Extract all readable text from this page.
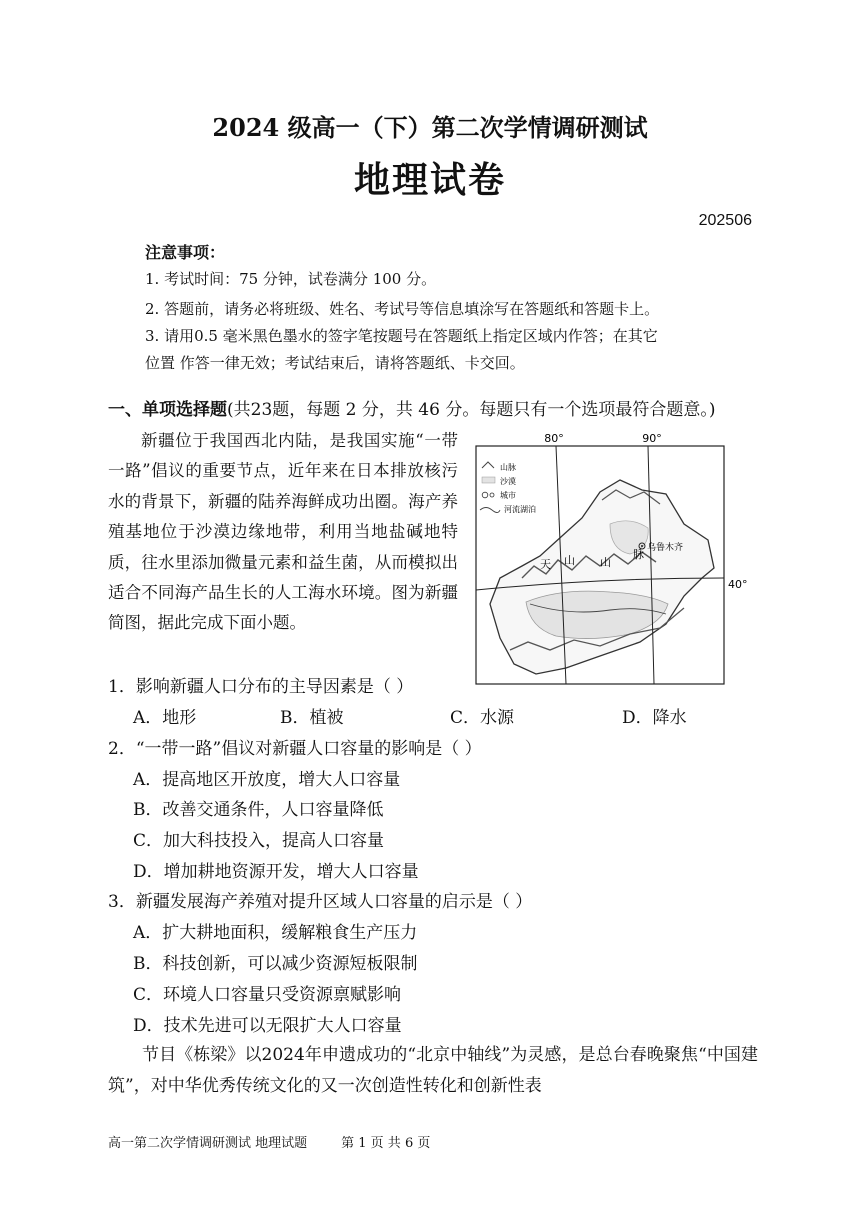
2024 级高一（下）第二次学情调研测试
地理试卷
202506
注意事项：
1. 考试时间：75 分钟，试卷满分 100 分。
2. 答题前，请务必将班级、姓名、考试号等信息填涂写在答题纸和答题卡上。
3. 请用0.5 毫米黑色墨水的签字笔按题号在答题纸上指定区域内作答；在其它
位置 作答一律无效；考试结束后，请将答题纸、卡交回。
一、单项选择题(共23题，每题 2 分，共 46 分。每题只有一个选项最符合题意。)
新疆位于我国西北内陆，是我国实施“一带一路”倡议的重要节点，近年来在日本排放核污水的背景下，新疆的陆养海鲜成功出圈。海产养殖基地位于沙漠边缘地带，利用当地盐碱地特质，往水里添加微量元素和益生菌，从而模拟出适合不同海产品生长的人工海水环境。图为新疆简图，据此完成下面小题。
80°	90°
40°
山脉
沙漠
城市
河流湖泊
乌鲁木齐
天 山 山
脉
1．影响新疆人口分布的主导因素是（ ）
A．地形	B．植被	C．水源	D．降水
2．“一带一路”倡议对新疆人口容量的影响是（ ）
A．提高地区开放度，增大人口容量
B．改善交通条件，人口容量降低
C．加大科技投入，提高人口容量
D．增加耕地资源开发，增大人口容量
3．新疆发展海产养殖对提升区域人口容量的启示是（ ）
A．扩大耕地面积，缓解粮食生产压力
B．科技创新，可以减少资源短板限制
C．环境人口容量只受资源禀赋影响
D．技术先进可以无限扩大人口容量
节目《栋梁》以2024年申遗成功的“北京中轴线”为灵感，是总台春晚聚焦“中国建筑”，对中华优秀传统文化的又一次创造性转化和创新性表
高一第二次学情调研测试 地理试题	第 1 页 共 6 页
